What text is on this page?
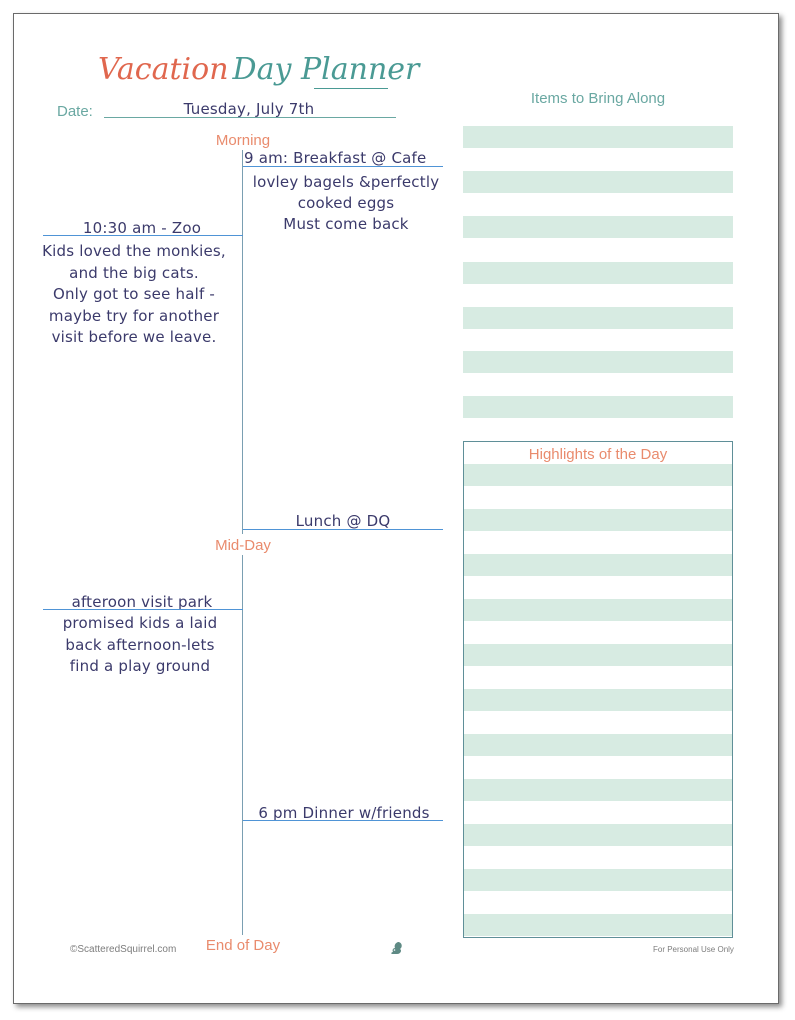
Vacation Day Planner
Date:	Tuesday, July 7th
Morning
Mid-Day
End of Day
9 am: Breakfast @ Cafe
lovley bagels &perfectly
cooked eggs
Must come back
10:30 am - Zoo
Kids loved the monkies,
and the big cats.
Only got to see half -
maybe try for another
visit before we leave.
Lunch @ DQ
afteroon visit park
promised kids a laid
back afternoon-lets
find a play ground
6 pm Dinner w/friends
Items to Bring Along
Highlights of the Day
©ScatteredSquirrel.com	For Personal Use Only
